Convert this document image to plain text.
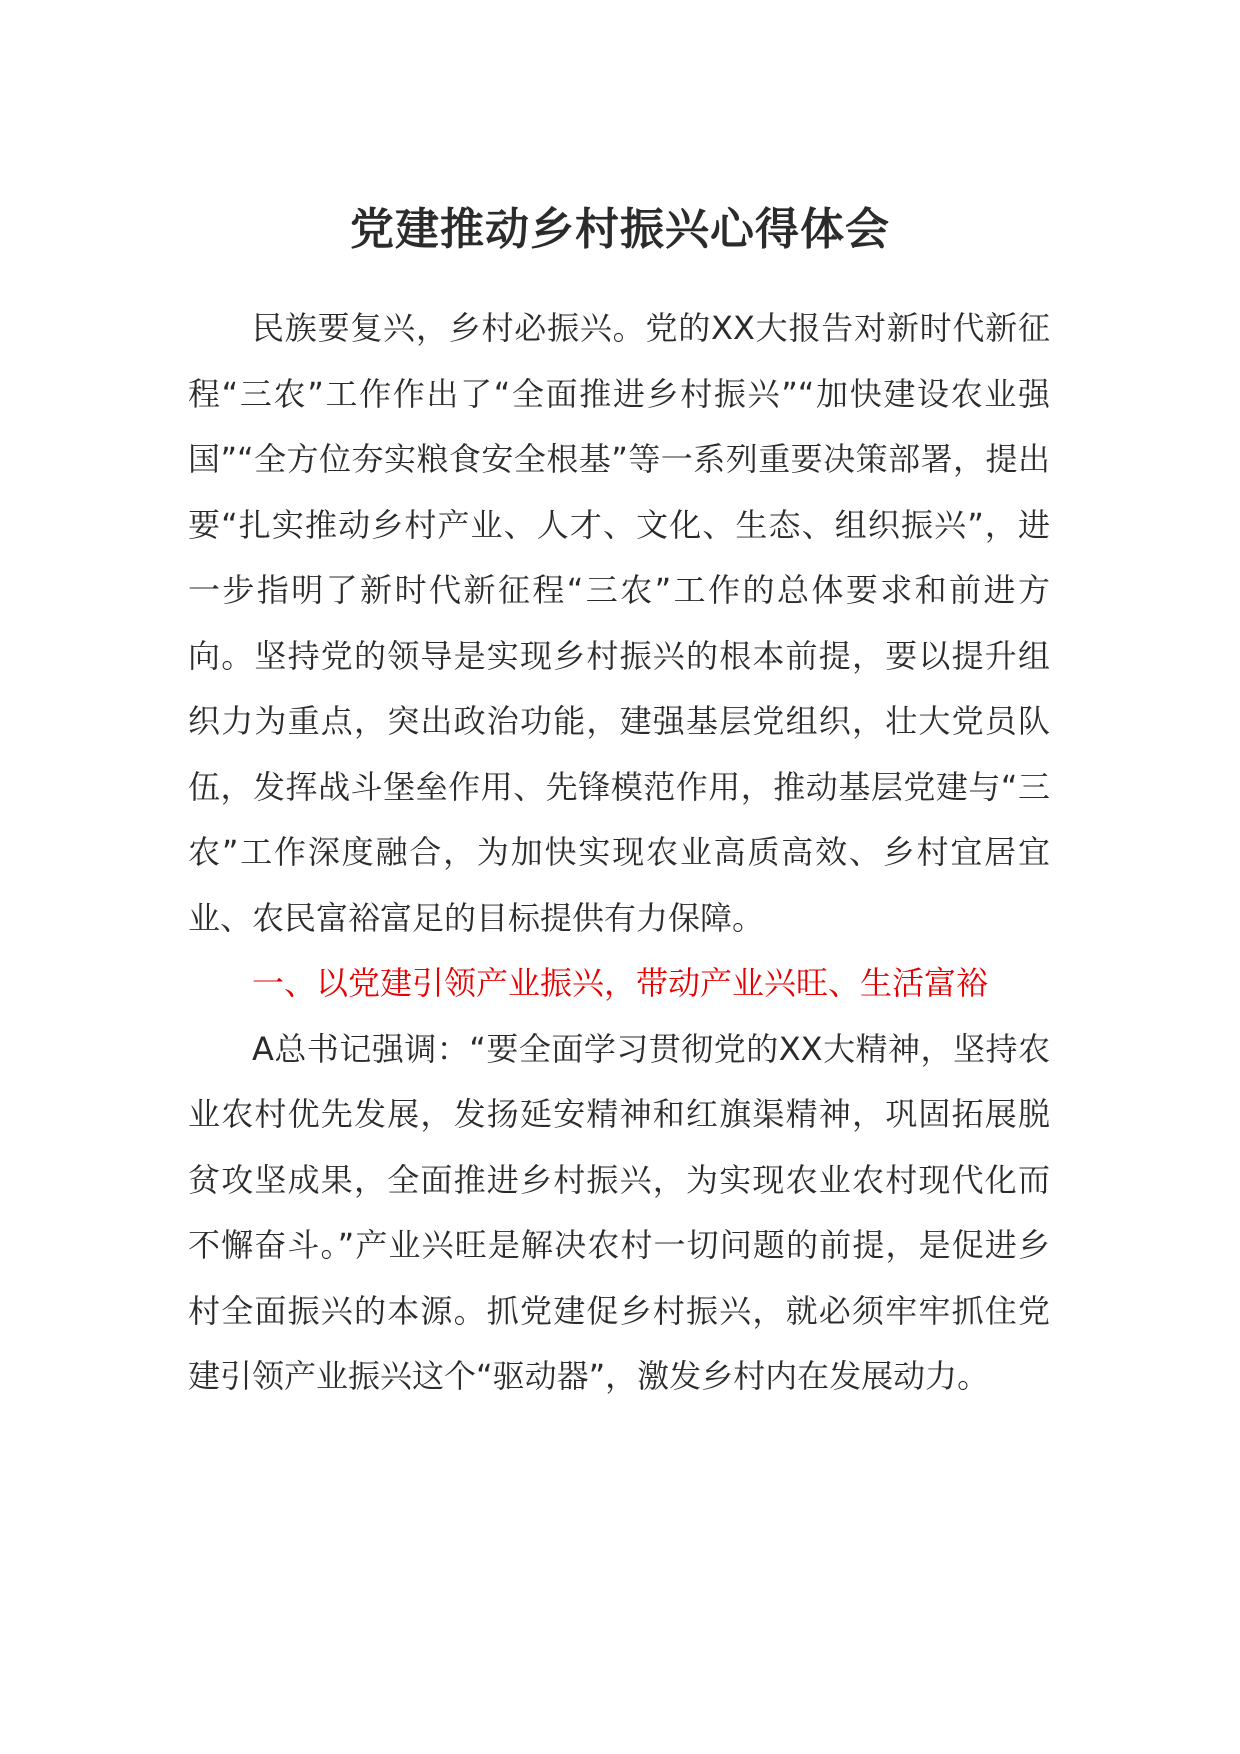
党建推动乡村振兴心得体会

民族要复兴，乡村必振兴。党的XX大报告对新时代新征程“三农”工作作出了“全面推进乡村振兴”“加快建设农业强国”“全方位夯实粮食安全根基”等一系列重要决策部署，提出要“扎实推动乡村产业、人才、文化、生态、组织振兴”，进一步指明了新时代新征程“三农”工作的总体要求和前进方向。坚持党的领导是实现乡村振兴的根本前提，要以提升组织力为重点，突出政治功能，建强基层党组织，壮大党员队伍，发挥战斗堡垒作用、先锋模范作用，推动基层党建与“三农”工作深度融合，为加快实现农业高质高效、乡村宜居宜业、农民富裕富足的目标提供有力保障。

一、以党建引领产业振兴，带动产业兴旺、生活富裕

A总书记强调：“要全面学习贯彻党的XX大精神，坚持农业农村优先发展，发扬延安精神和红旗渠精神，巩固拓展脱贫攻坚成果，全面推进乡村振兴，为实现农业农村现代化而不懈奋斗。”产业兴旺是解决农村一切问题的前提，是促进乡村全面振兴的本源。抓党建促乡村振兴，就必须牢牢抓住党建引领产业振兴这个“驱动器”，激发乡村内在发展动力。
